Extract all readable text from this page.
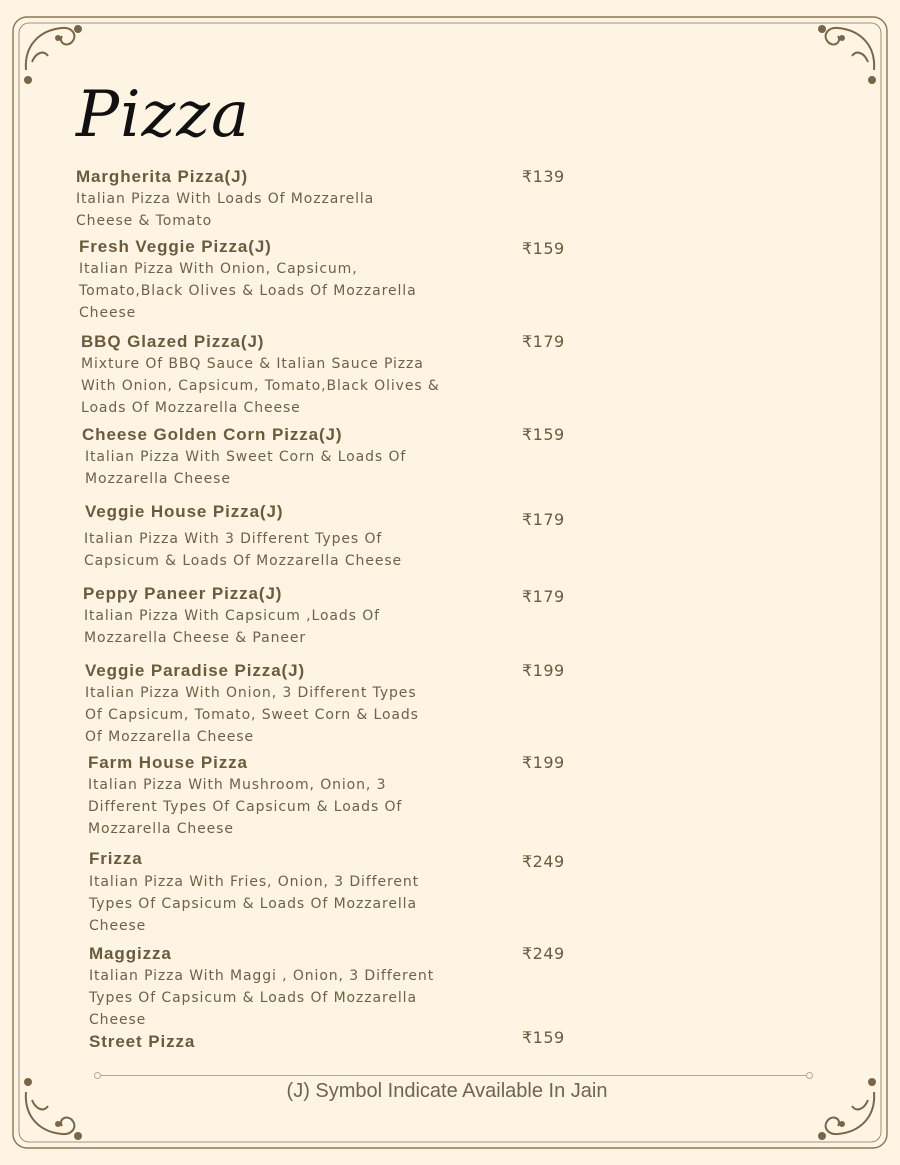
Pizza
Margherita Pizza(J)
Italian Pizza With Loads Of Mozzarella
Cheese & Tomato
₹139
Fresh Veggie Pizza(J)
Italian Pizza With Onion, Capsicum,
Tomato,Black Olives & Loads Of Mozzarella
Cheese
₹159
BBQ Glazed Pizza(J)
Mixture Of BBQ Sauce & Italian Sauce Pizza
With Onion, Capsicum, Tomato,Black Olives &
Loads Of Mozzarella Cheese
₹179
Cheese Golden Corn Pizza(J)
Italian Pizza With Sweet Corn & Loads Of
Mozzarella Cheese
₹159
Veggie House Pizza(J)
Italian Pizza With 3 Different Types Of
Capsicum & Loads Of Mozzarella Cheese
₹179
Peppy Paneer Pizza(J)
Italian Pizza With Capsicum ,Loads Of
Mozzarella Cheese & Paneer
₹179
Veggie Paradise Pizza(J)
Italian Pizza With Onion, 3 Different Types
Of Capsicum, Tomato, Sweet Corn & Loads
Of Mozzarella Cheese
₹199
Farm House Pizza
Italian Pizza With Mushroom, Onion, 3
Different Types Of Capsicum & Loads Of
Mozzarella Cheese
₹199
Frizza
Italian Pizza With Fries, Onion, 3 Different
Types Of Capsicum & Loads Of Mozzarella
Cheese
₹249
Maggizza
Italian Pizza With Maggi , Onion, 3 Different
Types Of Capsicum & Loads Of Mozzarella
Cheese
₹249
Street Pizza	₹159
(J) Symbol Indicate Available In Jain
